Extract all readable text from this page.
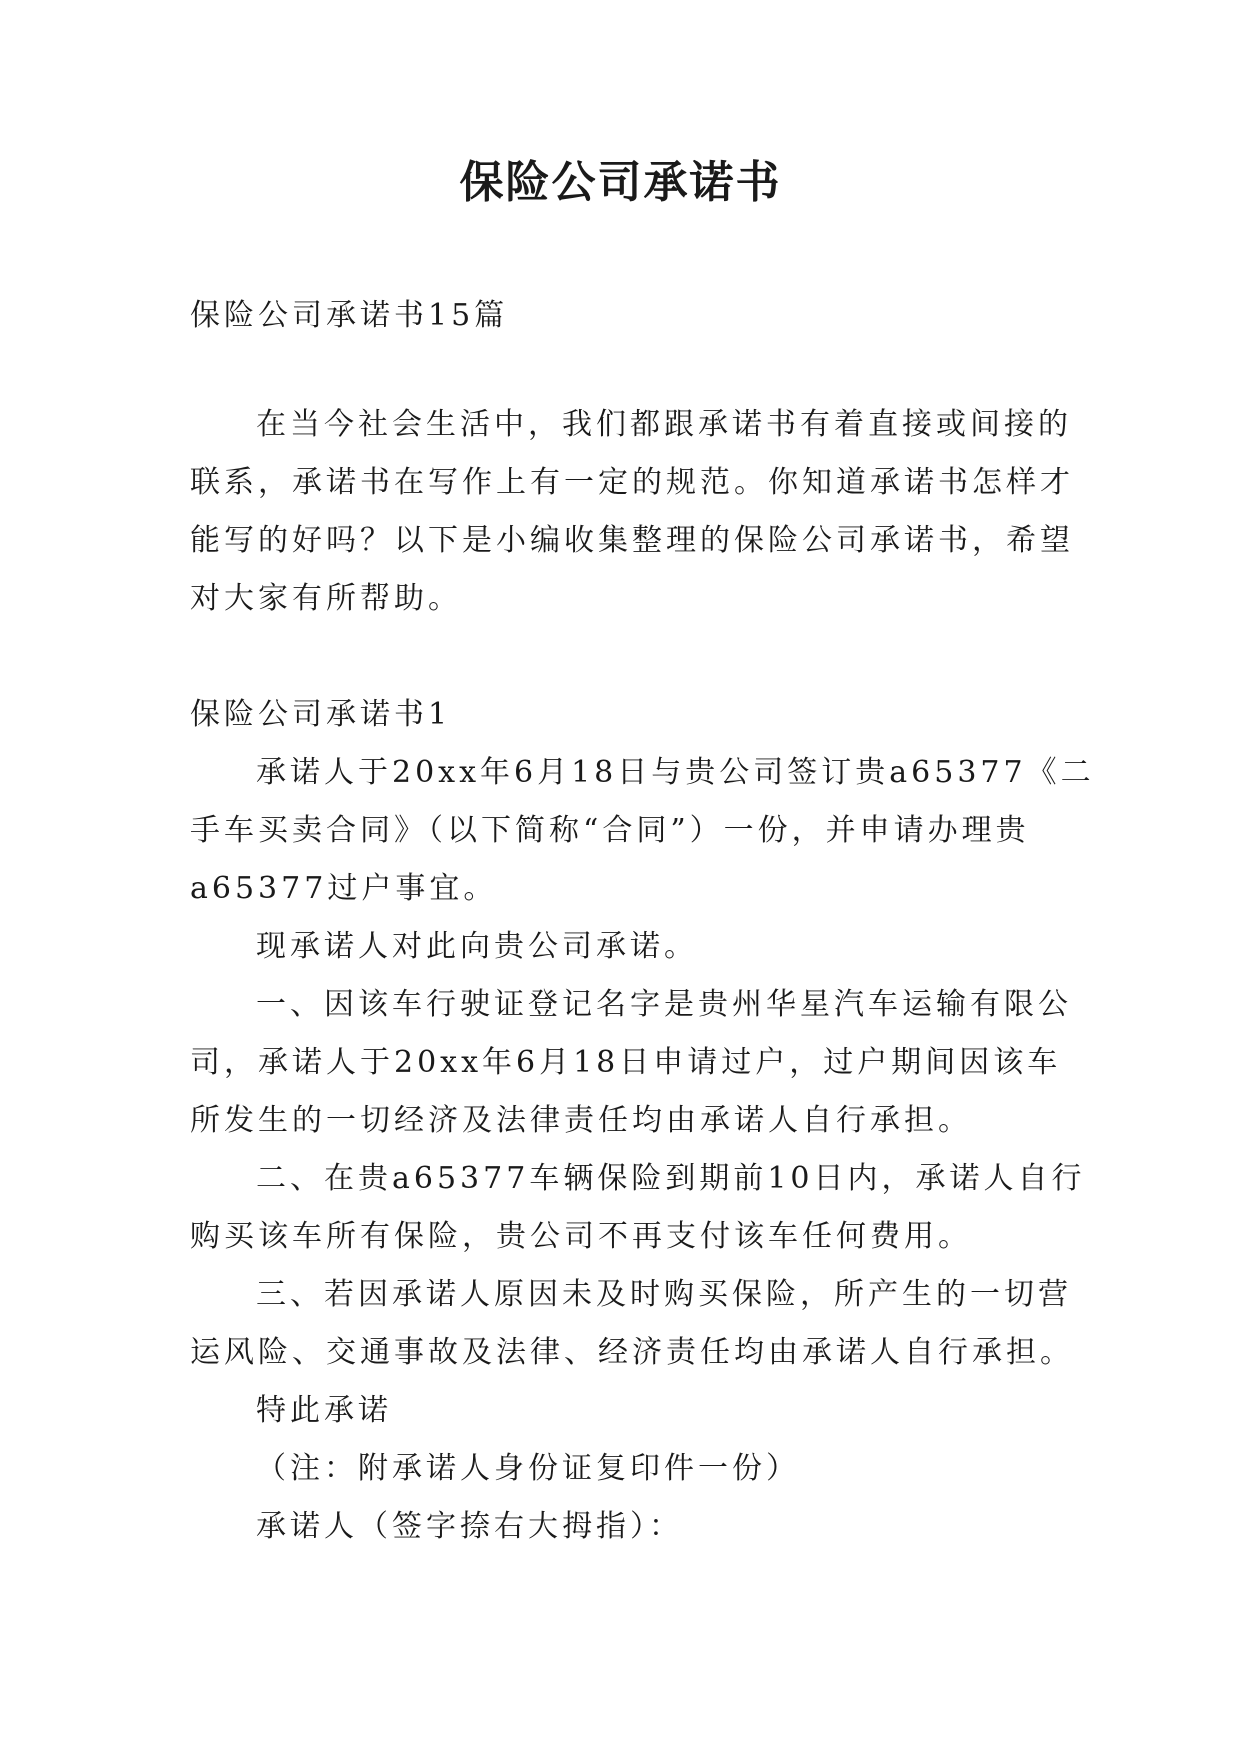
保险公司承诺书

保险公司承诺书15篇

在当今社会生活中，我们都跟承诺书有着直接或间接的

联系，承诺书在写作上有一定的规范。你知道承诺书怎样才

能写的好吗？以下是小编收集整理的保险公司承诺书，希望

对大家有所帮助。

保险公司承诺书1

承诺人于20xx年6月18日与贵公司签订贵a65377《二

手车买卖合同》（以下简称“合同”）一份，并申请办理贵

a65377过户事宜。

现承诺人对此向贵公司承诺。

一、因该车行驶证登记名字是贵州华星汽车运输有限公

司，承诺人于20xx年6月18日申请过户，过户期间因该车

所发生的一切经济及法律责任均由承诺人自行承担。

二、在贵a65377车辆保险到期前10日内，承诺人自行

购买该车所有保险，贵公司不再支付该车任何费用。

三、若因承诺人原因未及时购买保险，所产生的一切营

运风险、交通事故及法律、经济责任均由承诺人自行承担。

特此承诺

（注：附承诺人身份证复印件一份）

承诺人（签字捺右大拇指）：
